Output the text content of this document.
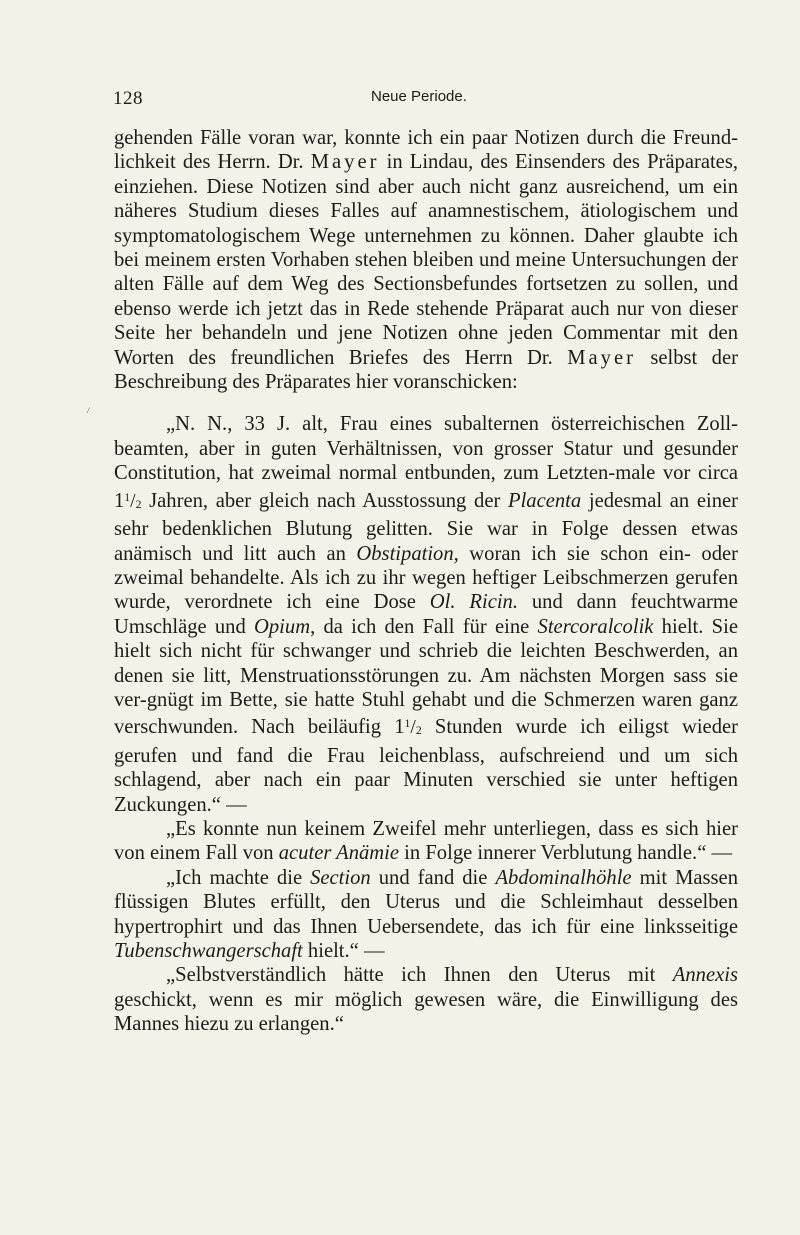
128	Neue Periode.
\

gehenden Fälle voran war, konnte ich ein paar Notizen durch die Freund-lichkeit des Herrn. Dr. Mayer in Lindau, des Einsenders des Präparates, einziehen. Diese Notizen sind aber auch nicht ganz ausreichend, um ein näheres Studium dieses Falles auf anamnestischem, ätiologischem und symptomatologischem Wege unternehmen zu können. Daher glaubte ich bei meinem ersten Vorhaben stehen bleiben und meine Untersuchungen der alten Fälle auf dem Weg des Sectionsbefundes fortsetzen zu sollen, und ebenso werde ich jetzt das in Rede stehende Präparat auch nur von dieser Seite her behandeln und jene Notizen ohne jeden Commentar mit den Worten des freundlichen Briefes des Herrn Dr. Mayer selbst der Beschreibung des Präparates hier voranschicken:

„N. N., 33 J. alt, Frau eines subalternen österreichischen Zoll-beamten, aber in guten Verhältnissen, von grosser Statur und gesunder Constitution, hat zweimal normal entbunden, zum Letzten-male vor circa $1^1/_2$ Jahren, aber gleich nach Ausstossung der Placenta jedesmal an einer sehr bedenklichen Blutung gelitten. Sie war in Folge dessen etwas anämisch und litt auch an Obstipation, woran ich sie schon ein- oder zweimal behandelte. Als ich zu ihr wegen heftiger Leibschmerzen gerufen wurde, verordnete ich eine Dose Ol. Ricin. und dann feuchtwarme Umschläge und Opium, da ich den Fall für eine Stercoralcolik hielt. Sie hielt sich nicht für schwanger und schrieb die leichten Beschwerden, an denen sie litt, Menstruationsstörungen zu. Am nächsten Morgen sass sie ver-gnügt im Bette, sie hatte Stuhl gehabt und die Schmerzen waren ganz verschwunden. Nach beiläufig $1^1/_2$ Stunden wurde ich eiligst wieder gerufen und fand die Frau leichenblass, aufschreiend und um sich schlagend, aber nach ein paar Minuten verschied sie unter heftigen Zuckungen.“ —

„Es konnte nun keinem Zweifel mehr unterliegen, dass es sich hier von einem Fall von acuter Anämie in Folge innerer Verblutung handle.“ —

„Ich machte die Section und fand die Abdominalhöhle mit Massen flüssigen Blutes erfüllt, den Uterus und die Schleimhaut desselben hypertrophirt und das Ihnen Uebersendete, das ich für eine linksseitige Tubenschwangerschaft hielt.“ —

„Selbstverständlich hätte ich Ihnen den Uterus mit Annexis geschickt, wenn es mir möglich gewesen wäre, die Einwilligung des Mannes hiezu zu erlangen.“
